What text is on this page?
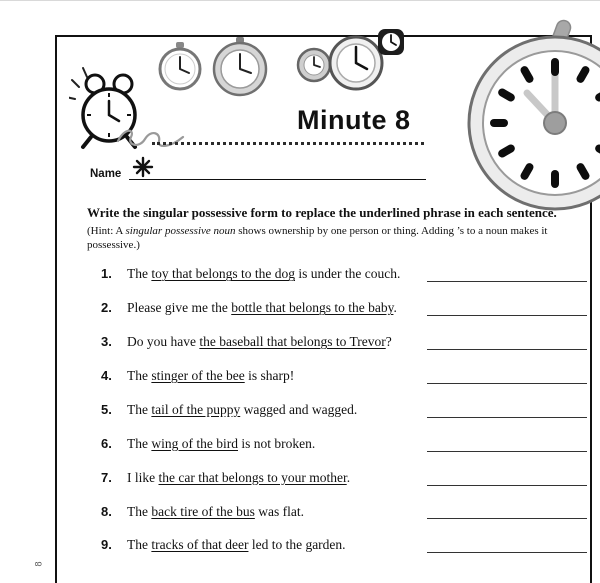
8
Minute 8
Name

Write the singular possessive form to replace the underlined phrase in each sentence.

(Hint: A singular possessive noun shows ownership by one person or thing. Adding ’s to a noun makes it possessive.)

1.	The toy that belongs to the dog is under the couch.
2.	Please give me the bottle that belongs to the baby.
3.	Do you have the baseball that belongs to Trevor?
4.	The stinger of the bee is sharp!
5.	The tail of the puppy wagged and wagged.
6.	The wing of the bird is not broken.
7.	I like the car that belongs to your mother.
8.	The back tire of the bus was flat.
9.	The tracks of that deer led to the garden.
